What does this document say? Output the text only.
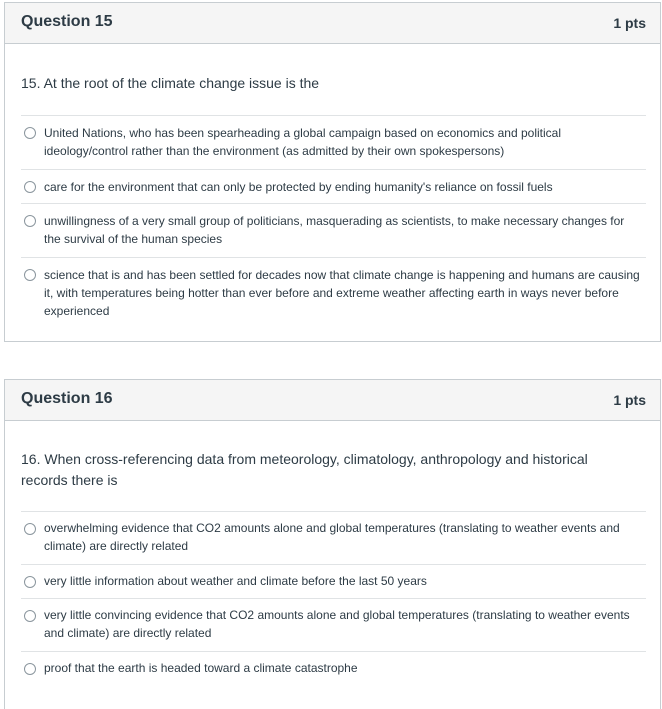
Question 15	1 pts
15. At the root of the climate change issue is the
United Nations, who has been spearheading a global campaign based on economics and political ideology/control rather than the environment (as admitted by their own spokespersons)
care for the environment that can only be protected by ending humanity's reliance on fossil fuels
unwillingness of a very small group of politicians, masquerading as scientists, to make necessary changes for the survival of the human species
science that is and has been settled for decades now that climate change is happening and humans are causing it, with temperatures being hotter than ever before and extreme weather affecting earth in ways never before experienced
Question 16	1 pts
16. When cross-referencing data from meteorology, climatology, anthropology and historical records there is
overwhelming evidence that CO2 amounts alone and global temperatures (translating to weather events and climate) are directly related
very little information about weather and climate before the last 50 years
very little convincing evidence that CO2 amounts alone and global temperatures (translating to weather events and climate) are directly related
proof that the earth is headed toward a climate catastrophe
